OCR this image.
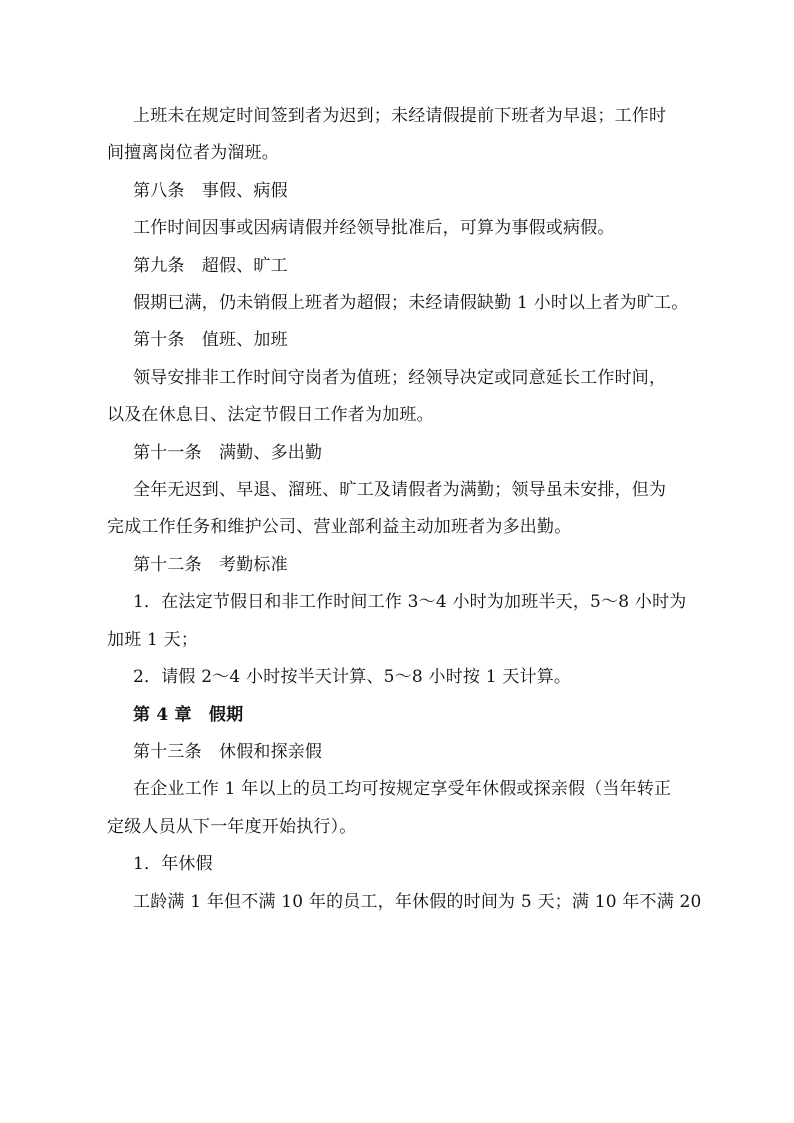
上班未在规定时间签到者为迟到；未经请假提前下班者为早退；工作时
间擅离岗位者为溜班。
第八条　事假、病假
工作时间因事或因病请假并经领导批准后，可算为事假或病假。
第九条　超假、旷工
假期已满，仍未销假上班者为超假；未经请假缺勤 1 小时以上者为旷工。
第十条　值班、加班
领导安排非工作时间守岗者为值班；经领导决定或同意延长工作时间，
以及在休息日、法定节假日工作者为加班。
第十一条　满勤、多出勤
全年无迟到、早退、溜班、旷工及请假者为满勤；领导虽未安排，但为
完成工作任务和维护公司、营业部利益主动加班者为多出勤。
第十二条　考勤标准
1．在法定节假日和非工作时间工作 3～4 小时为加班半天，5～8 小时为
加班 1 天；
2．请假 2～4 小时按半天计算、5～8 小时按 1 天计算。
第 4 章　假期
第十三条　休假和探亲假
在企业工作 1 年以上的员工均可按规定享受年休假或探亲假（当年转正
定级人员从下一年度开始执行）。
1．年休假
工龄满 1 年但不满 10 年的员工，年休假的时间为 5 天；满 10 年不满 20
